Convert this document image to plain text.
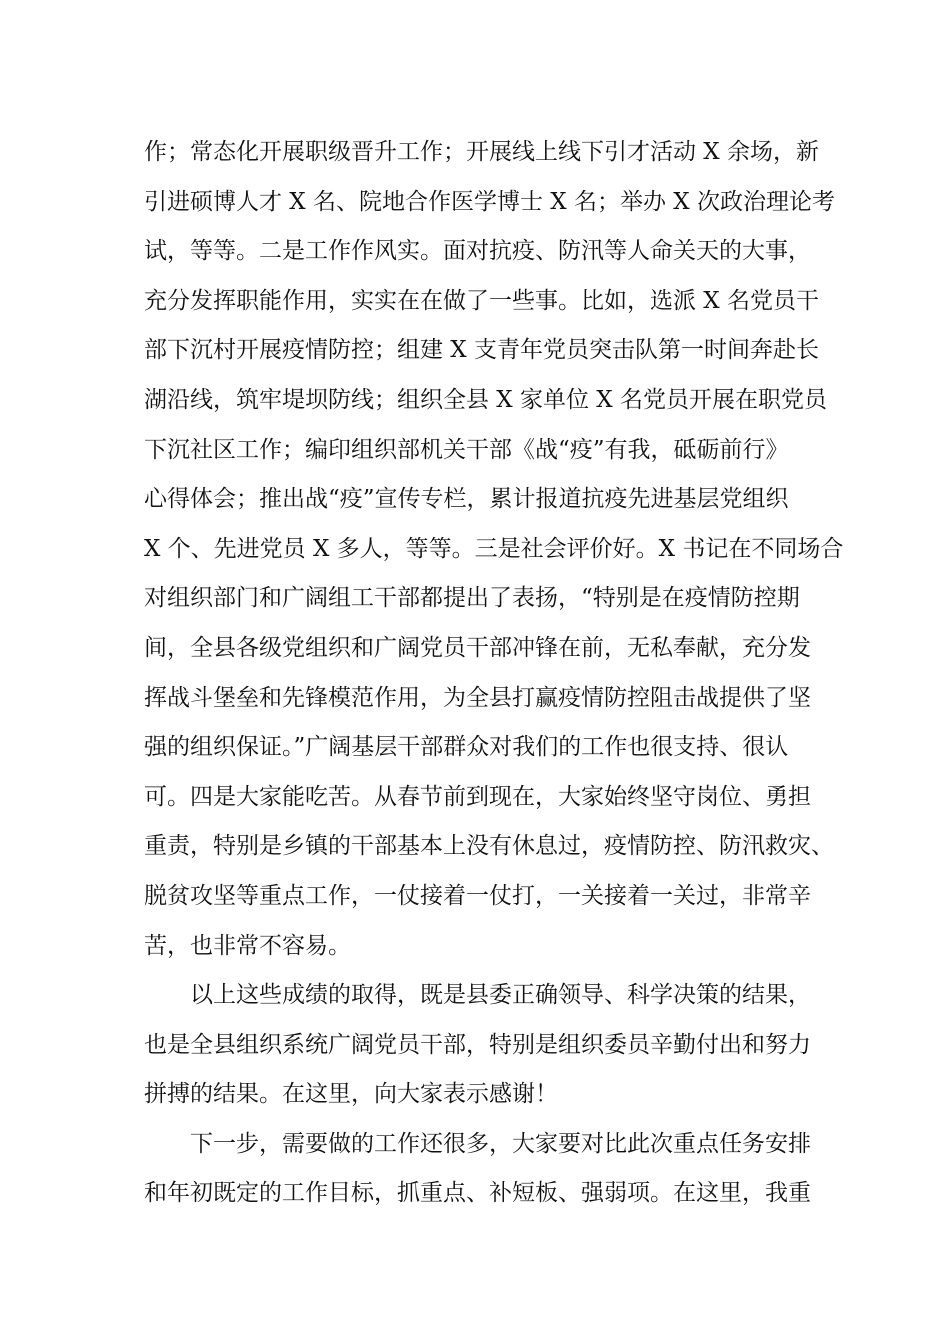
作；常态化开展职级晋升工作；开展线上线下引才活动 X 余场，新
引进硕博人才 X 名、院地合作医学博士 X 名；举办 X 次政治理论考
试，等等。二是工作作风实。面对抗疫、防汛等人命关天的大事，
充分发挥职能作用，实实在在做了一些事。比如，选派 X 名党员干
部下沉村开展疫情防控；组建 X 支青年党员突击队第一时间奔赴长
湖沿线，筑牢堤坝防线；组织全县 X 家单位 X 名党员开展在职党员
下沉社区工作；编印组织部机关干部《战“疫”有我，砥砺前行》
心得体会；推出战“疫”宣传专栏，累计报道抗疫先进基层党组织
X 个、先进党员 X 多人，等等。三是社会评价好。X 书记在不同场合
对组织部门和广阔组工干部都提出了表扬，“特别是在疫情防控期
间，全县各级党组织和广阔党员干部冲锋在前，无私奉献，充分发
挥战斗堡垒和先锋模范作用，为全县打赢疫情防控阻击战提供了坚
强的组织保证。”广阔基层干部群众对我们的工作也很支持、很认
可。四是大家能吃苦。从春节前到现在，大家始终坚守岗位、勇担
重责，特别是乡镇的干部基本上没有休息过，疫情防控、防汛救灾、
脱贫攻坚等重点工作，一仗接着一仗打，一关接着一关过，非常辛
苦，也非常不容易。
　　以上这些成绩的取得，既是县委正确领导、科学决策的结果，
也是全县组织系统广阔党员干部，特别是组织委员辛勤付出和努力
拼搏的结果。在这里，向大家表示感谢！
　　下一步，需要做的工作还很多，大家要对比此次重点任务安排
和年初既定的工作目标，抓重点、补短板、强弱项。在这里，我重
